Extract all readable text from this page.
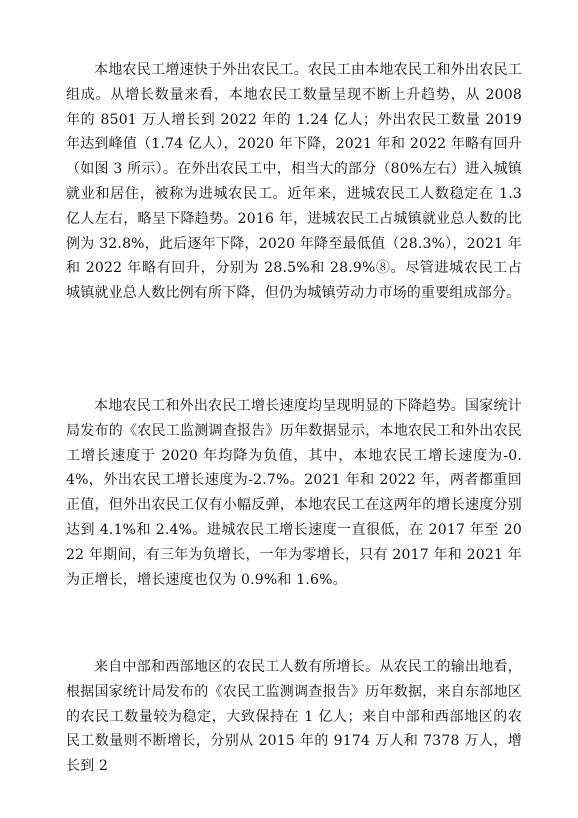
本地农民工增速快于外出农民工。农民工由本地农民工和外出农民工组成。从增长数量来看，本地农民工数量呈现不断上升趋势，从 2008 年的 8501 万人增长到 2022 年的 1.24 亿人；外出农民工数量 2019 年达到峰值（1.74 亿人），2020 年下降，2021 年和 2022 年略有回升（如图 3 所示）。在外出农民工中，相当大的部分（80%左右）进入城镇就业和居住，被称为进城农民工。近年来，进城农民工人数稳定在 1.3 亿人左右，略呈下降趋势。2016 年，进城农民工占城镇就业总人数的比例为 32.8%，此后逐年下降，2020 年降至最低值（28.3%），2021 年和 2022 年略有回升，分别为 28.5%和 28.9%⑧。尽管进城农民工占城镇就业总人数比例有所下降，但仍为城镇劳动力市场的重要组成部分。

本地农民工和外出农民工增长速度均呈现明显的下降趋势。国家统计局发布的《农民工监测调查报告》历年数据显示，本地农民工和外出农民工增长速度于 2020 年均降为负值，其中，本地农民工增长速度为-0.4%，外出农民工增长速度为-2.7%。2021 年和 2022 年，两者都重回正值，但外出农民工仅有小幅反弹，本地农民工在这两年的增长速度分别达到 4.1%和 2.4%。进城农民工增长速度一直很低，在 2017 年至 2022 年期间，有三年为负增长，一年为零增长，只有 2017 年和 2021 年为正增长，增长速度也仅为 0.9%和 1.6%。

来自中部和西部地区的农民工人数有所增长。从农民工的输出地看，根据国家统计局发布的《农民工监测调查报告》历年数据，来自东部地区的农民工数量较为稳定，大致保持在 1 亿人；来自中部和西部地区的农民工数量则不断增长，分别从 2015 年的 9174 万人和 7378 万人，增长到 2
